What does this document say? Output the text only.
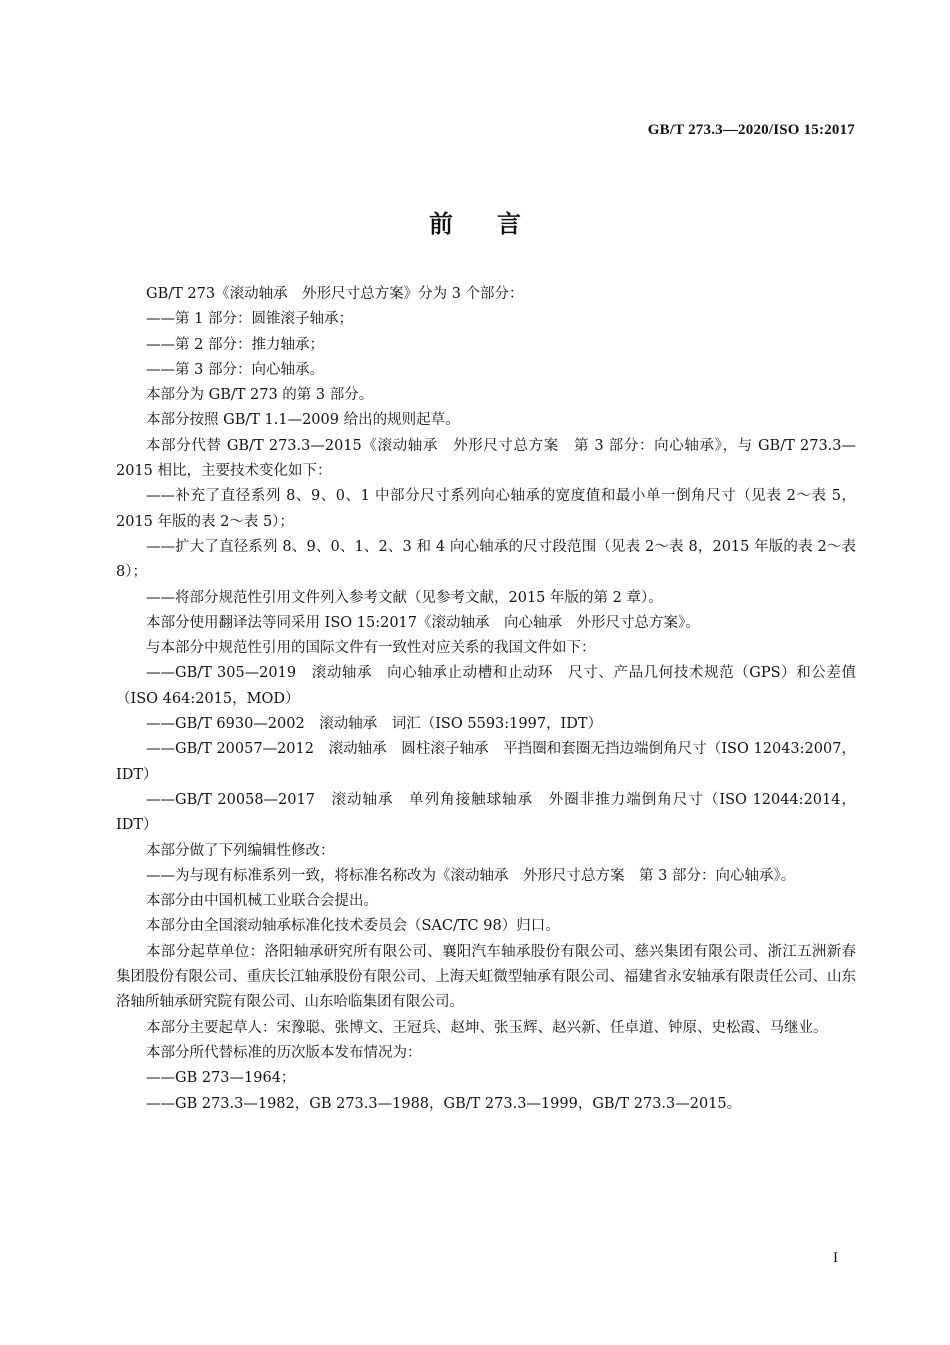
GB/T 273.3—2020/ISO 15:2017
前言

GB/T 273《滚动轴承　外形尺寸总方案》分为 3 个部分：

——第 1 部分：圆锥滚子轴承；

——第 2 部分：推力轴承；

——第 3 部分：向心轴承。

本部分为 GB/T 273 的第 3 部分。

本部分按照 GB/T 1.1—2009 给出的规则起草。

本部分代替 GB/T 273.3—2015《滚动轴承　外形尺寸总方案　第 3 部分：向心轴承》，与 GB/T 273.3—2015 相比，主要技术变化如下：

——补充了直径系列 8、9、0、1 中部分尺寸系列向心轴承的宽度值和最小单一倒角尺寸（见表 2～表 5，2015 年版的表 2～表 5）；

——扩大了直径系列 8、9、0、1、2、3 和 4 向心轴承的尺寸段范围（见表 2～表 8，2015 年版的表 2～表 8）；

——将部分规范性引用文件列入参考文献（见参考文献，2015 年版的第 2 章）。

本部分使用翻译法等同采用 ISO 15:2017《滚动轴承　向心轴承　外形尺寸总方案》。

与本部分中规范性引用的国际文件有一致性对应关系的我国文件如下：

——GB/T 305—2019　滚动轴承　向心轴承止动槽和止动环　尺寸、产品几何技术规范（GPS）和公差值（ISO 464:2015，MOD）

——GB/T 6930—2002　滚动轴承　词汇（ISO 5593:1997，IDT）

——GB/T 20057—2012　滚动轴承　圆柱滚子轴承　平挡圈和套圈无挡边端倒角尺寸（ISO 12043:2007，IDT）

——GB/T 20058—2017　滚动轴承　单列角接触球轴承　外圈非推力端倒角尺寸（ISO 12044:2014，IDT）

本部分做了下列编辑性修改：

——为与现有标准系列一致，将标准名称改为《滚动轴承　外形尺寸总方案　第 3 部分：向心轴承》。

本部分由中国机械工业联合会提出。

本部分由全国滚动轴承标准化技术委员会（SAC/TC 98）归口。

本部分起草单位：洛阳轴承研究所有限公司、襄阳汽车轴承股份有限公司、慈兴集团有限公司、浙江五洲新春集团股份有限公司、重庆长江轴承股份有限公司、上海天虹微型轴承有限公司、福建省永安轴承有限责任公司、山东洛轴所轴承研究院有限公司、山东哈临集团有限公司。

本部分主要起草人：宋豫聪、张博文、王冠兵、赵坤、张玉辉、赵兴新、任卓道、钟原、史松霞、马继业。

本部分所代替标准的历次版本发布情况为：

——GB 273—1964；

——GB 273.3—1982，GB 273.3—1988，GB/T 273.3—1999，GB/T 273.3—2015。

I
